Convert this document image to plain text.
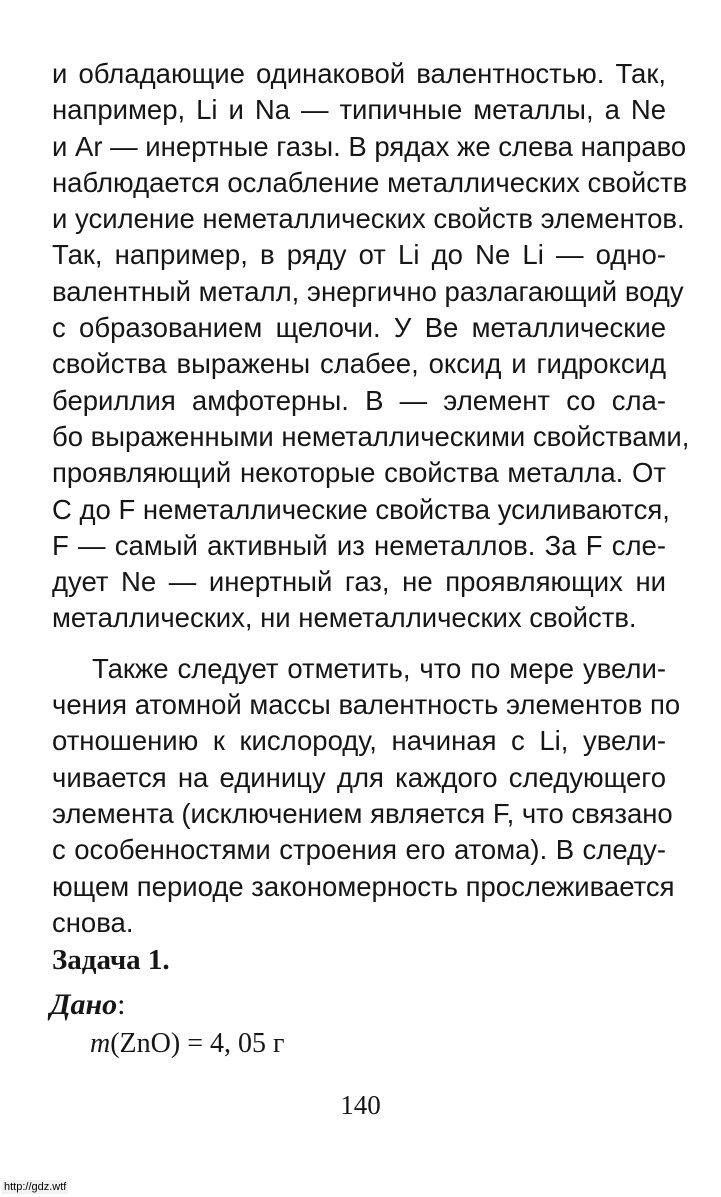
и обладающие одинаковой валентностью. Так,
например, Li и Na — типичные металлы, а Ne
и Ar — инертные газы. В рядах же слева направо
наблюдается ослабление металлических свойств
и усиление неметаллических свойств элементов.
Так, например, в ряду от Li до Ne Li — одно-
валентный металл, энергично разлагающий воду
с образованием щелочи. У Be металлические
свойства выражены слабее, оксид и гидроксид
бериллия амфотерны. В — элемент со сла-
бо выраженными неметаллическими свойствами,
проявляющий некоторые свойства металла. От
С до F неметаллические свойства усиливаются,
F — самый активный из неметаллов. За F сле-
дует Ne — инертный газ, не проявляющих ни
металлических, ни неметаллических свойств.

Также следует отметить, что по мере увели-
чения атомной массы валентность элементов по
отношению к кислороду, начиная с Li, увели-
чивается на единицу для каждого следующего
элемента (исключением является F, что связано
с особенностями строения его атома). В следу-
ющем периоде закономерность прослеживается
снова.

Задача 1.

Дано:

m(ZnO) = 4, 05 г

140

http://gdz.wtf
